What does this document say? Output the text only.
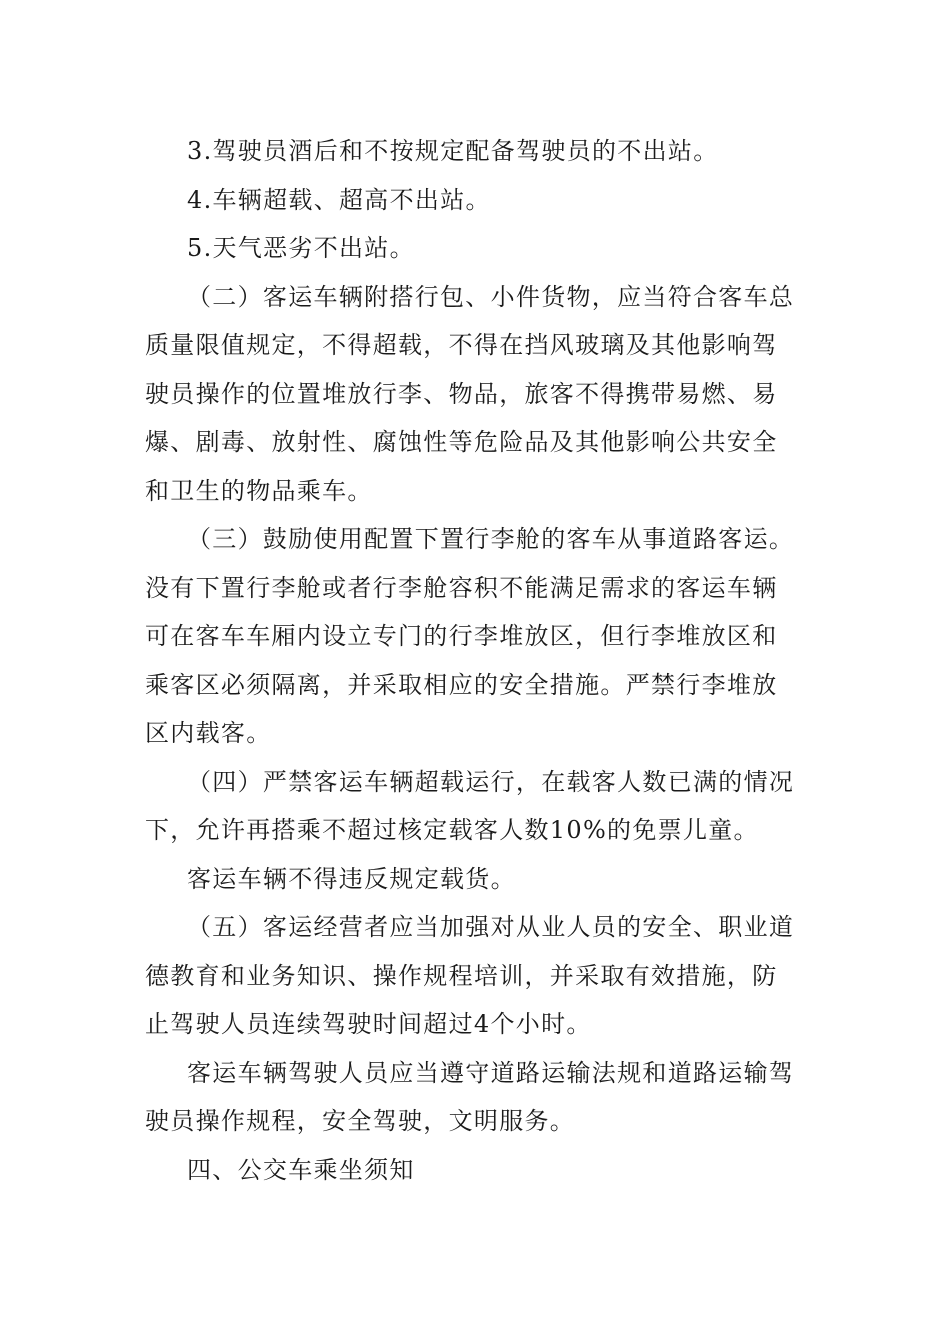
3.驾驶员酒后和不按规定配备驾驶员的不出站。
4.车辆超载、超高不出站。
5.天气恶劣不出站。
（二）客运车辆附搭行包、小件货物，应当符合客车总
质量限值规定，不得超载，不得在挡风玻璃及其他影响驾
驶员操作的位置堆放行李、物品，旅客不得携带易燃、易
爆、剧毒、放射性、腐蚀性等危险品及其他影响公共安全
和卫生的物品乘车。
（三）鼓励使用配置下置行李舱的客车从事道路客运。
没有下置行李舱或者行李舱容积不能满足需求的客运车辆
可在客车车厢内设立专门的行李堆放区，但行李堆放区和
乘客区必须隔离，并采取相应的安全措施。严禁行李堆放
区内载客。
（四）严禁客运车辆超载运行，在载客人数已满的情况
下，允许再搭乘不超过核定载客人数10%的免票儿童。
客运车辆不得违反规定载货。
（五）客运经营者应当加强对从业人员的安全、职业道
德教育和业务知识、操作规程培训，并采取有效措施，防
止驾驶人员连续驾驶时间超过4个小时。
客运车辆驾驶人员应当遵守道路运输法规和道路运输驾
驶员操作规程，安全驾驶，文明服务。
四、公交车乘坐须知
